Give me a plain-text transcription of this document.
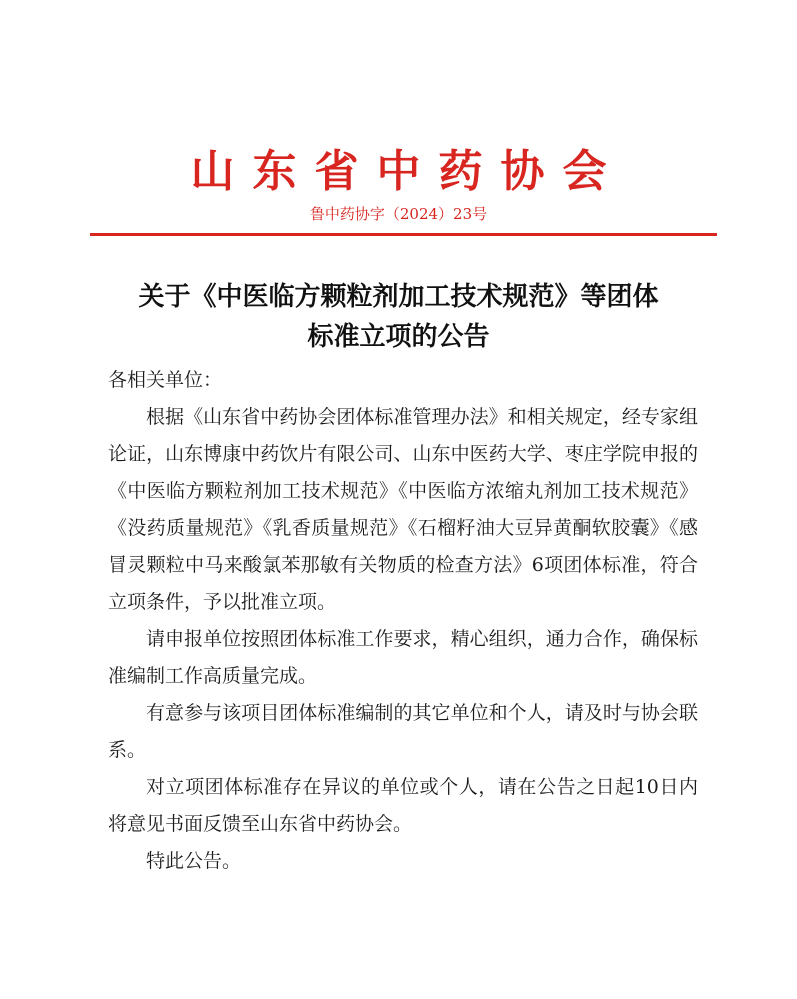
山东省中药协会
鲁中药协字（2024）23号
关于《中医临方颗粒剂加工技术规范》等团体
标准立项的公告

各相关单位：

根据《山东省中药协会团体标准管理办法》和相关规定，经专家组论证，山东博康中药饮片有限公司、山东中医药大学、枣庄学院申报的《中医临方颗粒剂加工技术规范》《中医临方浓缩丸剂加工技术规范》《没药质量规范》《乳香质量规范》《石榴籽油大豆异黄酮软胶囊》《感冒灵颗粒中马来酸氯苯那敏有关物质的检查方法》6项团体标准，符合立项条件，予以批准立项。

请申报单位按照团体标准工作要求，精心组织，通力合作，确保标准编制工作高质量完成。

有意参与该项目团体标准编制的其它单位和个人，请及时与协会联系。

对立项团体标准存在异议的单位或个人，请在公告之日起10日内将意见书面反馈至山东省中药协会。

特此公告。
